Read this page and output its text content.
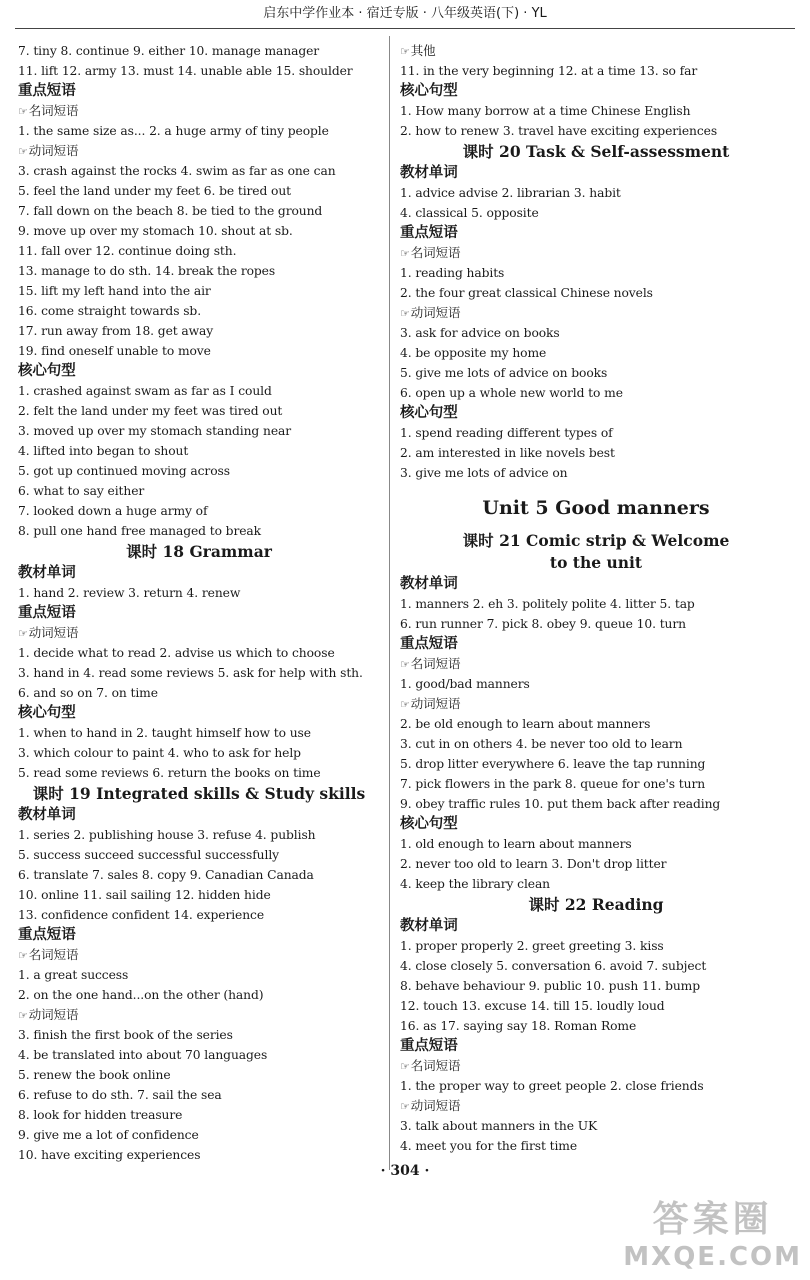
启东中学作业本 · 宿迁专版 · 八年级英语(下) · YL
7. tiny 8. continue 9. either 10. manage manager
11. lift 12. army 13. must 14. unable able 15. shoulder
重点短语
☞名词短语
1. the same size as... 2. a huge army of tiny people
☞动词短语
3. crash against the rocks 4. swim as far as one can
5. feel the land under my feet 6. be tired out
7. fall down on the beach 8. be tied to the ground
9. move up over my stomach 10. shout at sb.
11. fall over 12. continue doing sth.
13. manage to do sth. 14. break the ropes
15. lift my left hand into the air
16. come straight towards sb.
17. run away from 18. get away
19. find oneself unable to move
核心句型
1. crashed against swam as far as I could
2. felt the land under my feet was tired out
3. moved up over my stomach standing near
4. lifted into began to shout
5. got up continued moving across
6. what to say either
7. looked down a huge army of
8. pull one hand free managed to break
课时 18 Grammar
教材单词
1. hand 2. review 3. return 4. renew
重点短语
☞动词短语
1. decide what to read 2. advise us which to choose
3. hand in 4. read some reviews 5. ask for help with sth.
6. and so on 7. on time
核心句型
1. when to hand in 2. taught himself how to use
3. which colour to paint 4. who to ask for help
5. read some reviews 6. return the books on time
课时 19 Integrated skills & Study skills
教材单词
1. series 2. publishing house 3. refuse 4. publish
5. success succeed successful successfully
6. translate 7. sales 8. copy 9. Canadian Canada
10. online 11. sail sailing 12. hidden hide
13. confidence confident 14. experience
重点短语
☞名词短语
1. a great success
2. on the one hand...on the other (hand)
☞动词短语
3. finish the first book of the series
4. be translated into about 70 languages
5. renew the book online
6. refuse to do sth. 7. sail the sea
8. look for hidden treasure
9. give me a lot of confidence
10. have exciting experiences
☞其他
11. in the very beginning 12. at a time 13. so far
核心句型
1. How many borrow at a time Chinese English
2. how to renew 3. travel have exciting experiences
课时 20 Task & Self-assessment
教材单词
1. advice advise 2. librarian 3. habit
4. classical 5. opposite
重点短语
☞名词短语
1. reading habits
2. the four great classical Chinese novels
☞动词短语
3. ask for advice on books
4. be opposite my home
5. give me lots of advice on books
6. open up a whole new world to me
核心句型
1. spend reading different types of
2. am interested in like novels best
3. give me lots of advice on
Unit 5 Good manners
课时 21 Comic strip & Welcome
to the unit
教材单词
1. manners 2. eh 3. politely polite 4. litter 5. tap
6. run runner 7. pick 8. obey 9. queue 10. turn
重点短语
☞名词短语
1. good/bad manners
☞动词短语
2. be old enough to learn about manners
3. cut in on others 4. be never too old to learn
5. drop litter everywhere 6. leave the tap running
7. pick flowers in the park 8. queue for one's turn
9. obey traffic rules 10. put them back after reading
核心句型
1. old enough to learn about manners
2. never too old to learn 3. Don't drop litter
4. keep the library clean
课时 22 Reading
教材单词
1. proper properly 2. greet greeting 3. kiss
4. close closely 5. conversation 6. avoid 7. subject
8. behave behaviour 9. public 10. push 11. bump
12. touch 13. excuse 14. till 15. loudly loud
16. as 17. saying say 18. Roman Rome
重点短语
☞名词短语
1. the proper way to greet people 2. close friends
☞动词短语
3. talk about manners in the UK
4. meet you for the first time
· 304 ·
答案圈
MXQE.COM
